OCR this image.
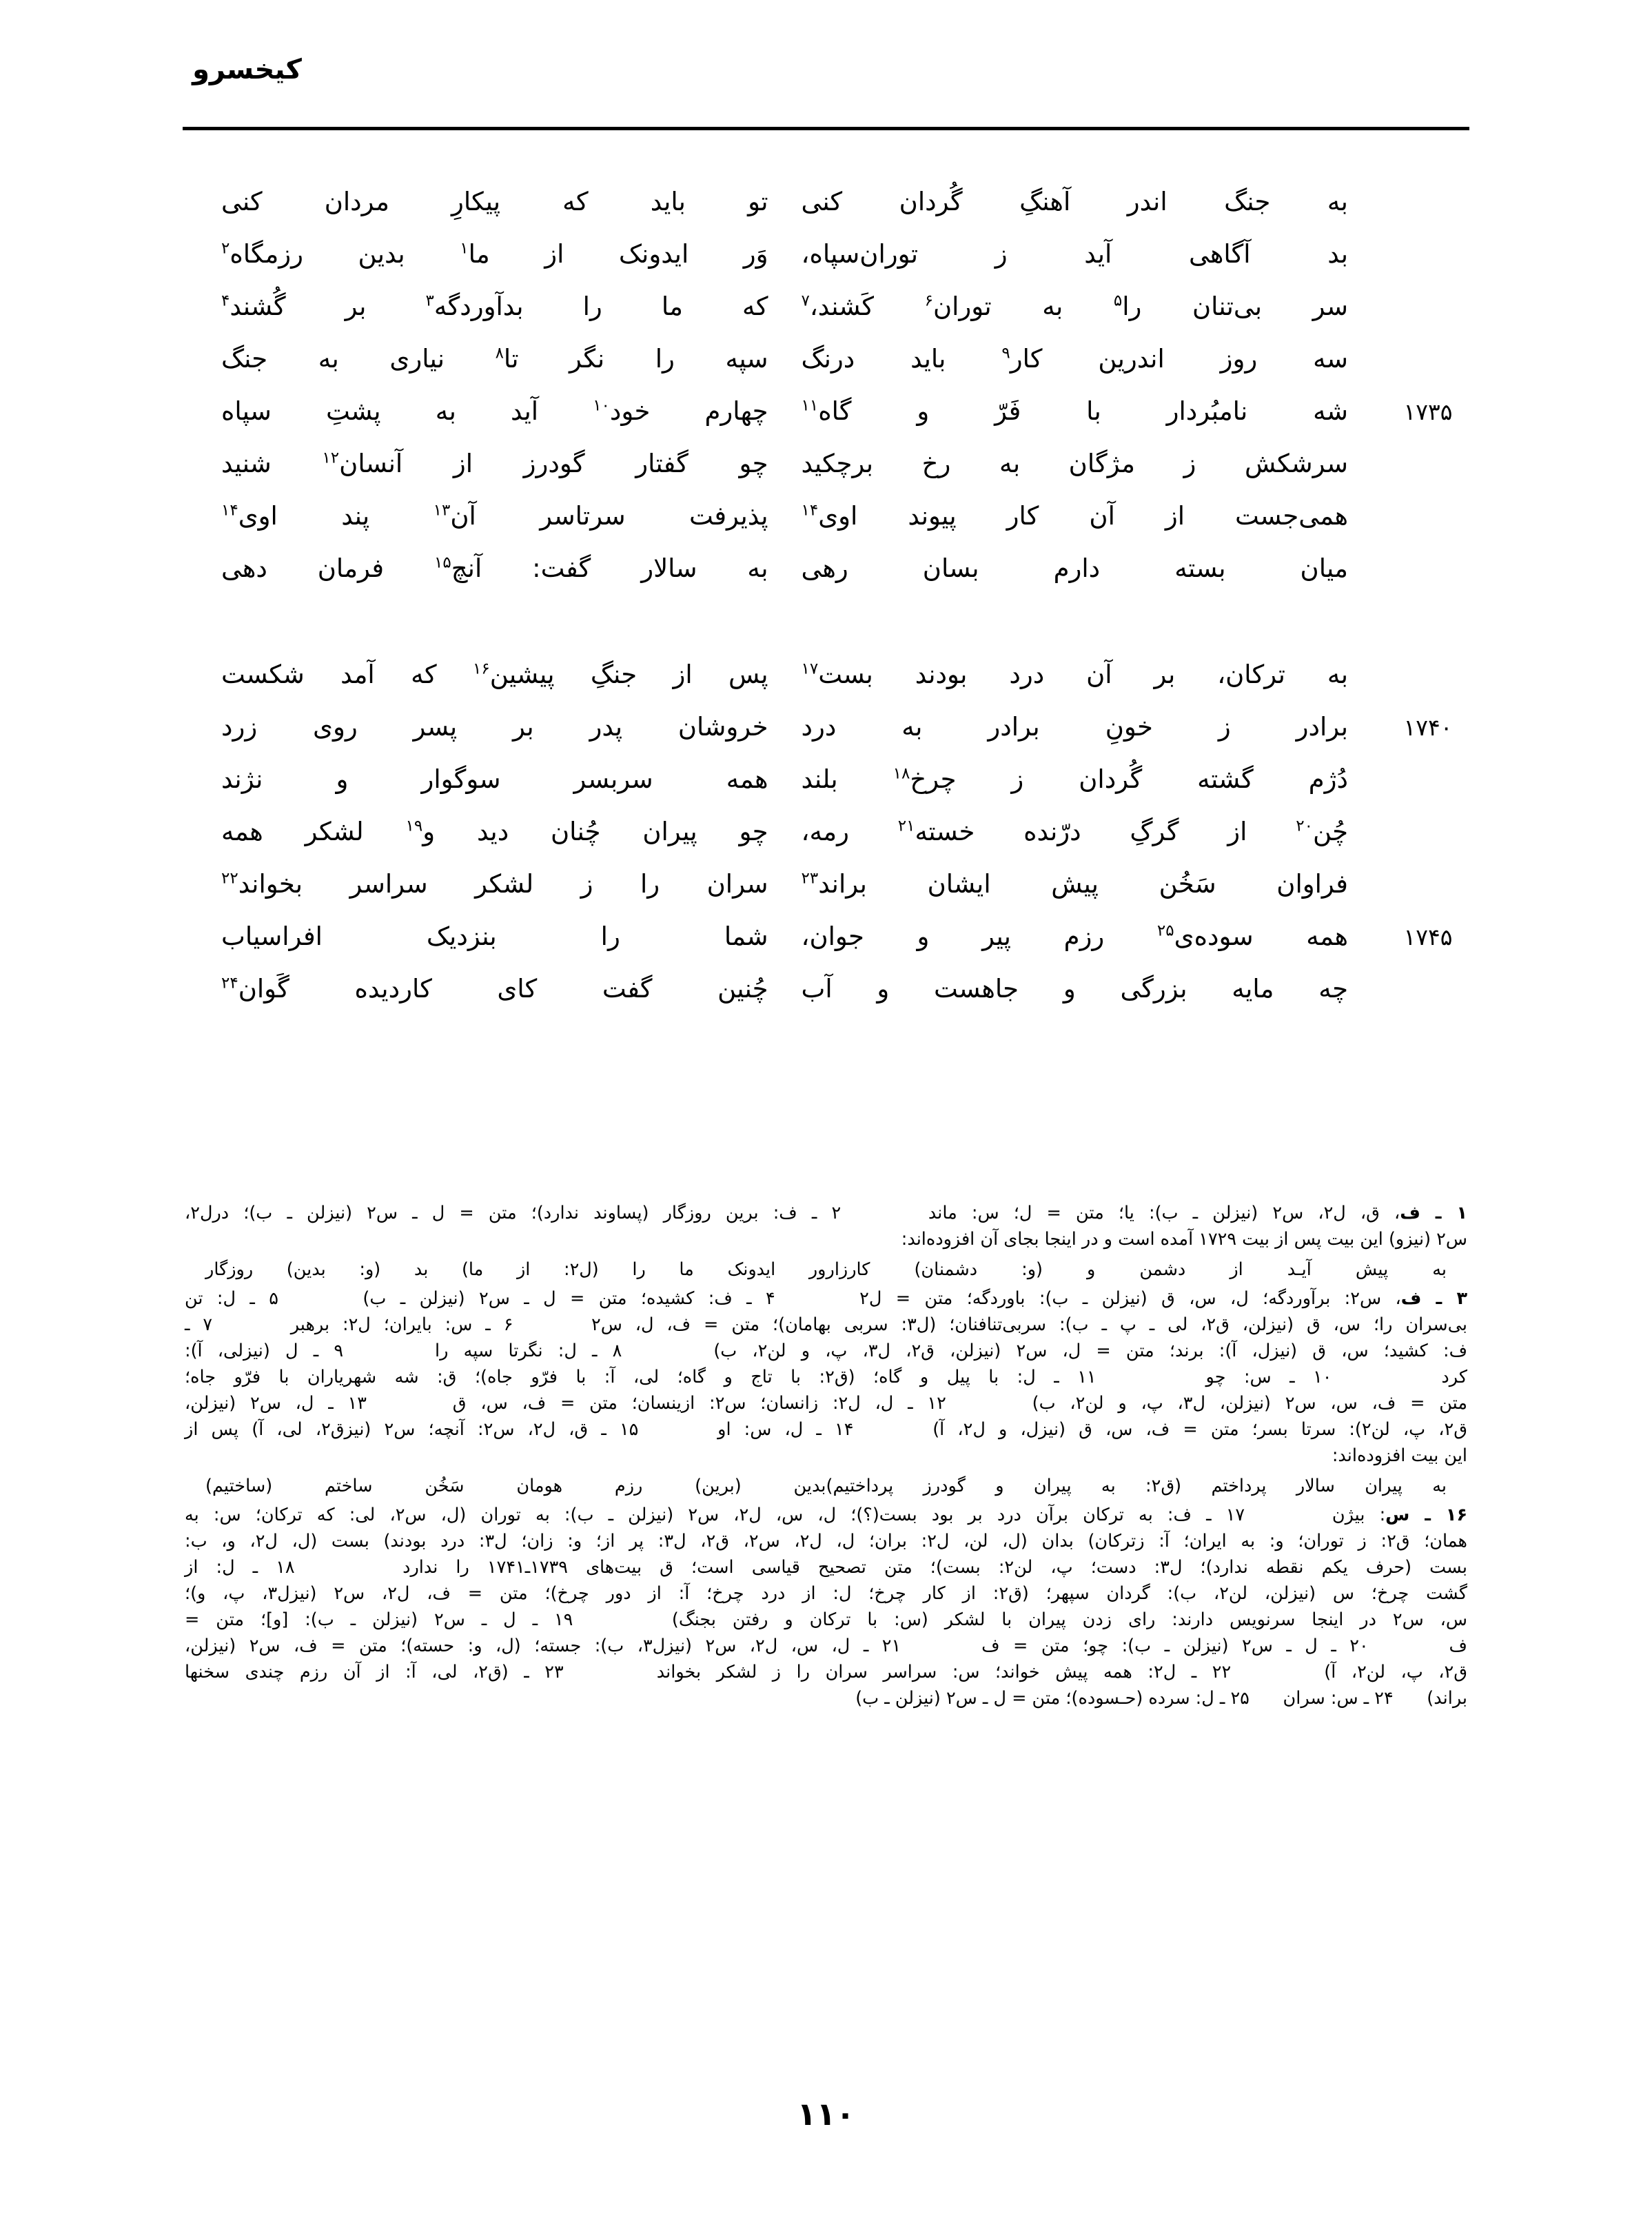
کیخسرو
به جنگ اندر آهنگِ گُردان کنی
تو باید که پیکارِ مردان کنی
بد آگاهی آید ز توران‌سپاه،
وَر ایدونک از ما$^۱$ بدین رزمگاه$^۲$
سر بی‌تنان را$^۵$ به توران$^۶$ کَشند،$^۷$
که ما را بدآوردگه$^۳$ بر گُشند$^۴$
سه روز اندرین کار$^۹$ باید درنگ
سپه را نگر تا$^۸$ نیاری به جنگ
۱۷۳۵
شه نامبُردار با فَرّ و گاه$^{۱۱}$
چهارم خود$^{۱۰}$ آید به پشتِ سپاه
سرشکش ز مژگان به رخ برچکید
چو گفتار گودرز از آنسان$^{۱۲}$ شنید
همی‌جست از آن کار پیوند اوی$^{۱۴}$
پذیرفت سرتاسر آن$^{۱۳}$ پند اوی$^{۱۴}$
میان بسته دارم بسان رهی
به سالار گفت: آنچ$^{۱۵}$ فرمان دهی
به ترکان، بر آن درد بودند بست$^{۱۷}$
پس از جنگِ پیشین$^{۱۶}$ که آمد شکست
۱۷۴۰
برادر ز خونِ برادر به درد
خروشان پدر بر پسر روی زرد
دُژم گشته گُردان ز چرخ$^{۱۸}$ بلند
همه سربسر سوگوار و نژند
چُن$^{۲۰}$ از گرگِ درّنده خسته$^{۲۱}$ رمه،
چو پیران چُنان دید و$^{۱۹}$ لشکر همه
فراوان سَخُن پیش ایشان براند$^{۲۳}$
سران را ز لشکر سراسر بخواند$^{۲۲}$
۱۷۴۵
همه سوده‌ی$^{۲۵}$ رزم پیر و جوان،
شما را بنزدیک افراسیاب
چه مایه بزرگی و جاهست و آب
چُنین گفت کای کاردیده گَوان$^{۲۴}$
۱ ـ ف، ق، ل۲، س۲ (نیزلن ـ ب): یا؛ متن = ل؛ س: ماند      ۲ ـ ف: برین روزگار (پساوند ندارد)؛ متن = ل ـ س۲ (نیزلن ـ ب)؛ درل۲،
س۲ (نیزو) این بیت پس از بیت ۱۷۲۹ آمده است و در اینجا بجای آن افزوده‌اند:
به پیش آیـد از دشمن و (و: دشمنان) کارزار
ور ایدونک ما را (ل۲: از ما) بد (و: بدین) روزگار
۳ ـ ف، س۲: برآوردگه؛ ل، س، ق (نیزلن ـ ب): باوردگه؛ متن = ل۲      ۴ ـ ف: کشیده؛ متن = ل ـ س۲ (نیزلن ـ ب)      ۵ ـ ل: تن
بی‌سران را؛ س، ق (نیزلن، ق۲، لی ـ پ ـ ب): سربی‌تنافنان؛ (ل۳: سربی بهامان)؛ متن = ف، ل، س۲      ۶ ـ س: بایران؛ ل۲: برهبر      ۷ ـ
ف: کشید؛ س، ق (نیزل، آ): برند؛ متن = ل، س۲ (نیزلن، ق۲، ل۳، پ، و لن۲، ب)      ۸ ـ ل: نگرتا سپه را      ۹ ـ ل (نیزلی، آ):
کرد      ۱۰ ـ س: چو      ۱۱ ـ ل: با پیل و گاه؛ (ق۲: با تاج و گاه؛ لی، آ: با فرّو جاه)؛ ق: شه شهریاران با فرّو جاه؛
متن = ف، س، س۲ (نیزلن، ل۳، پ، و لن۲، ب)      ۱۲ ـ ل، ل۲: زانسان؛ س۲: ازینسان؛ متن = ف، س، ق      ۱۳ ـ ل، س۲ (نیزلن،
ق۲، پ، لن۲): سرتا بسر؛ متن = ف، س، ق (نیزل، و ل۲، آ)      ۱۴ ـ ل، س: او      ۱۵ ـ ق، ل۲، س۲: آنچه؛ س۲ (نیزق۲، لی، آ) پس از
این بیت افزوده‌اند:
به پیران سالار پرداختم (ق۲: به پیران و گودرز پرداختیم)
بدین (برین) رزم هومان سَخُن ساختم (ساختیم)
۱۶ ـ س: بیژن      ۱۷ ـ ف: به ترکان برآن درد بر بود بست(؟)؛ ل، س، ل۲، س۲ (نیزلن ـ ب): به توران (ل، س۲، لی: که ترکان؛ س: به
همان؛ ق۲: ز توران؛ و: به ایران؛ آ: زترکان) بدان (ل، لن، ل۲: بران؛ ل، ل۲، س۲، ق۲، ل۳: پر از؛ و: زان؛ ل۳: درد بودند) بست (ل، ل۲، و، ب:
بست (حرف یکم نقطه ندارد)؛ ل۳: دست؛ پ، لن۲: بست)؛ متن تصحیح قیاسی است؛ ق بیت‌های ۱۷۳۹ـ۱۷۴۱ را ندارد      ۱۸ ـ ل: از
گشت چرخ؛ س (نیزلن، لن۲، ب): گردان سپهر؛ (ق۲: از کار چرخ؛ ل: از درد چرخ؛ آ: از دور چرخ)؛ متن = ف، ل۲، س۲ (نیزل۳، پ، و)؛
س، س۲ در اینجا سرنویس دارند: رای زدن پیران با لشکر (س: با ترکان و رفتن بجنگ)      ۱۹ ـ ل ـ س۲ (نیزلن ـ ب): [و]؛ متن =
ف      ۲۰ ـ ل ـ س۲ (نیزلن ـ ب): چو؛ متن = ف      ۲۱ ـ ل، س، ل۲، س۲ (نیزل۳، ب): جسته؛ (ل، و: حسته)؛ متن = ف، س۲ (نیزلن،
ق۲، پ، لن۲، آ)      ۲۲ ـ ل۲: همه پیش خواند؛ س: سراسر سران را ز لشکر بخواند      ۲۳ ـ (ق۲، لی، آ: از آن رزم چندی سخنها
براند)      ۲۴ ـ س: سران      ۲۵ ـ ل: سرده (حـسوده)؛ متن = ل ـ س۲ (نیزلن ـ ب)
۱۱۰
